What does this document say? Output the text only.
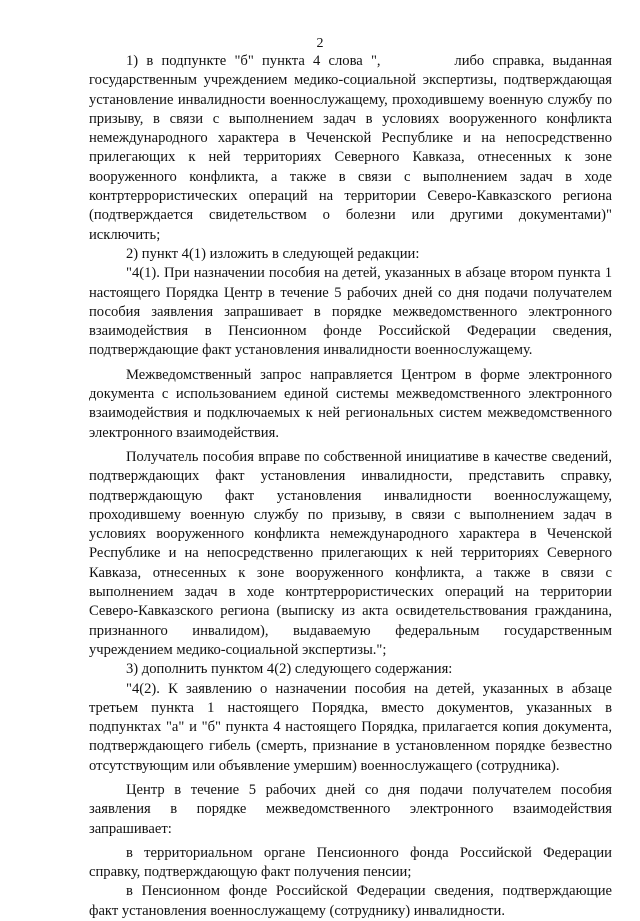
2

1) в подпункте "б" пункта 4 слова ",         либо справка, выданная государственным учреждением медико-социальной экспертизы, подтверждающая установление инвалидности военнослужащему, проходившему военную службу по призыву, в связи с выполнением задач в условиях вооруженного конфликта немеждународного характера в Чеченской Республике и на непосредственно прилегающих к ней территориях Северного Кавказа, отнесенных к зоне вооруженного конфликта, а также в связи с выполнением задач в ходе контртеррористических операций на территории Северо-Кавказского региона (подтверждается свидетельством о болезни или другими документами)" исключить;

2) пункт 4(1) изложить в следующей редакции:

"4(1). При назначении пособия на детей, указанных в абзаце втором пункта 1 настоящего Порядка Центр в течение 5 рабочих дней со дня подачи получателем пособия заявления запрашивает в порядке межведомственного электронного взаимодействия в Пенсионном фонде Российской Федерации сведения, подтверждающие факт установления инвалидности военнослужащему.

Межведомственный запрос направляется Центром в форме электронного документа с использованием единой системы межведомственного электронного взаимодействия и подключаемых к ней региональных систем межведомственного электронного взаимодействия.

Получатель пособия вправе по собственной инициативе в качестве сведений, подтверждающих факт установления инвалидности, представить справку, подтверждающую факт установления инвалидности военнослужащему, проходившему военную службу по призыву, в связи с выполнением задач в условиях вооруженного конфликта немеждународного характера в Чеченской Республике и на непосредственно прилегающих к ней территориях Северного Кавказа, отнесенных к зоне вооруженного конфликта, а также в связи с выполнением задач в ходе контртеррористических операций на территории Северо-Кавказского региона (выписку из акта освидетельствования гражданина, признанного инвалидом), выдаваемую федеральным государственным учреждением медико-социальной экспертизы.";

3) дополнить пунктом 4(2) следующего содержания:

"4(2). К заявлению о назначении пособия на детей, указанных в абзаце третьем пункта 1 настоящего Порядка, вместо документов, указанных в подпунктах "а" и "б" пункта 4 настоящего Порядка, прилагается копия документа, подтверждающего гибель (смерть, признание в установленном порядке безвестно отсутствующим или объявление умершим) военнослужащего (сотрудника).

Центр в течение 5 рабочих дней со дня подачи получателем пособия заявления в порядке межведомственного электронного взаимодействия запрашивает:

в территориальном органе Пенсионного фонда Российской Федерации справку, подтверждающую факт получения пенсии;

в Пенсионном фонде Российской Федерации сведения, подтверждающие факт установления военнослужащему (сотруднику) инвалидности.
